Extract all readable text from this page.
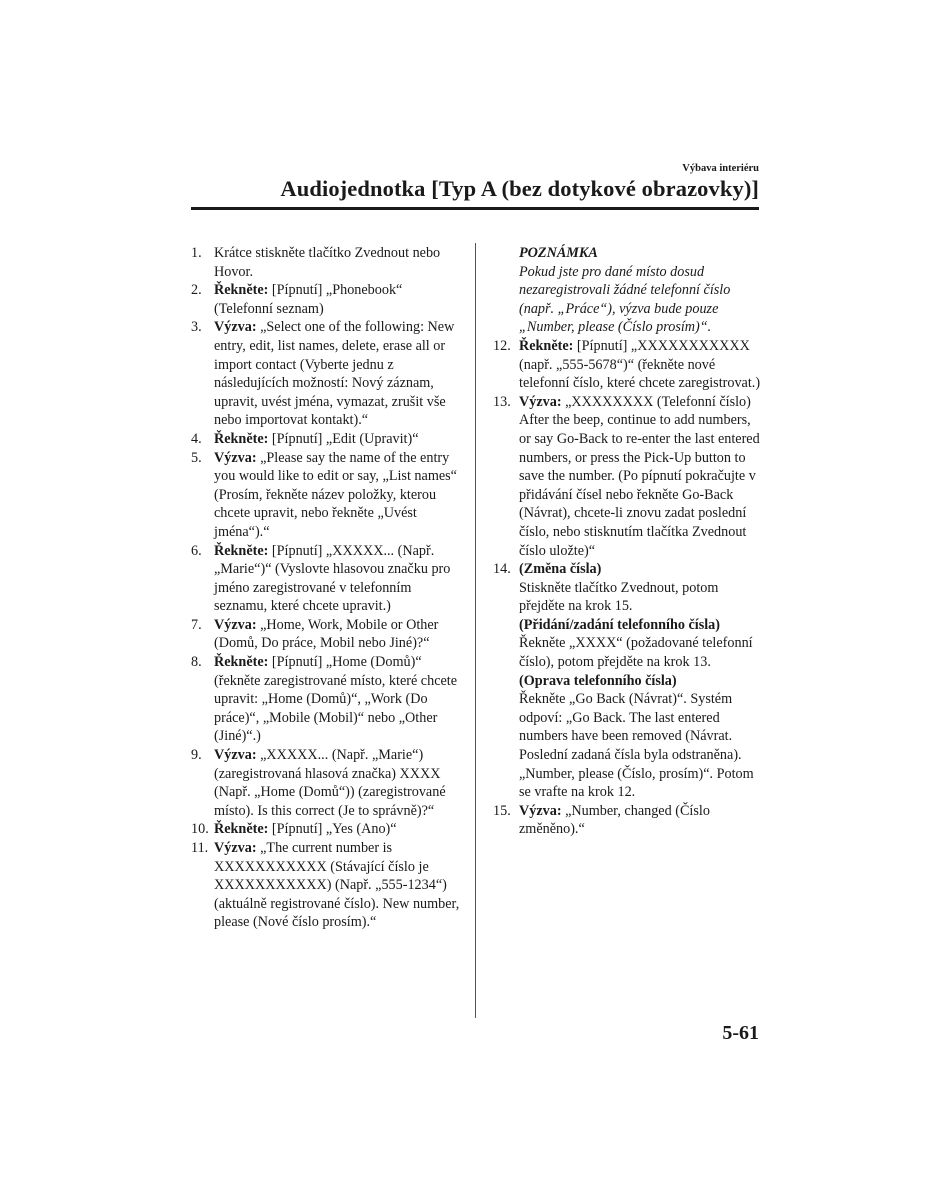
Výbava interiéru
Audiojednotka [Typ A (bez dotykové obrazovky)]
1. Krátce stiskněte tlačítko Zvednout nebo Hovor.
2. Řekněte: [Pípnutí] „Phonebook“ (Telefonní seznam)
3. Výzva: „Select one of the following: New entry, edit, list names, delete, erase all or import contact (Vyberte jednu z následujících možností: Nový záznam, upravit, uvést jména, vymazat, zrušit vše nebo importovat kontakt).“
4. Řekněte: [Pípnutí] „Edit (Upravit)“
5. Výzva: „Please say the name of the entry you would like to edit or say, „List names“ (Prosím, řekněte název položky, kterou chcete upravit, nebo řekněte „Uvést jména“).“
6. Řekněte: [Pípnutí] „XXXXX... (Např. „Marie“)“ (Vyslovte hlasovou značku pro jméno zaregistrované v telefonním seznamu, které chcete upravit.)
7. Výzva: „Home, Work, Mobile or Other (Domů, Do práce, Mobil nebo Jiné)?“
8. Řekněte: [Pípnutí] „Home (Domů)“ (řekněte zaregistrované místo, které chcete upravit: „Home (Domů)“, „Work (Do práce)“, „Mobile (Mobil)“ nebo „Other (Jiné)“.)
9. Výzva: „XXXXX... (Např. „Marie“) (zaregistrovaná hlasová značka) XXXX (Např. „Home (Domů“)) (zaregistrované místo). Is this correct (Je to správně)?“
10. Řekněte: [Pípnutí] „Yes (Ano)“
11. Výzva: „The current number is XXXXXXXXXXX (Stávající číslo je XXXXXXXXXXX) (Např. „555-1234“) (aktuálně registrované číslo). New number, please (Nové číslo prosím).“
POZNÁMKA
Pokud jste pro dané místo dosud nezaregistrovali žádné telefonní číslo (např. „Práce“), výzva bude pouze „Number, please (Číslo prosím)“.
12. Řekněte: [Pípnutí] „XXXXXXXXXXX (např. „555-5678“)“ (řekněte nové telefonní číslo, které chcete zaregistrovat.)
13. Výzva: „XXXXXXXX (Telefonní číslo) After the beep, continue to add numbers, or say Go-Back to re-enter the last entered numbers, or press the Pick-Up button to save the number. (Po pípnutí pokračujte v přidávání čísel nebo řekněte Go-Back (Návrat), chcete-li znovu zadat poslední číslo, nebo stisknutím tlačítka Zvednout číslo uložte)“
14. (Změna čísla)
Stiskněte tlačítko Zvednout, potom přejděte na krok 15.
(Přidání/zadání telefonního čísla)
Řekněte „XXXX“ (požadované telefonní číslo), potom přejděte na krok 13.
(Oprava telefonního čísla)
Řekněte „Go Back (Návrat)“. Systém odpoví: „Go Back. The last entered numbers have been removed (Návrat. Poslední zadaná čísla byla odstraněna). „Number, please (Číslo, prosím)“. Potom se vrafte na krok 12.
15. Výzva: „Number, changed (Číslo změněno).“
5-61
